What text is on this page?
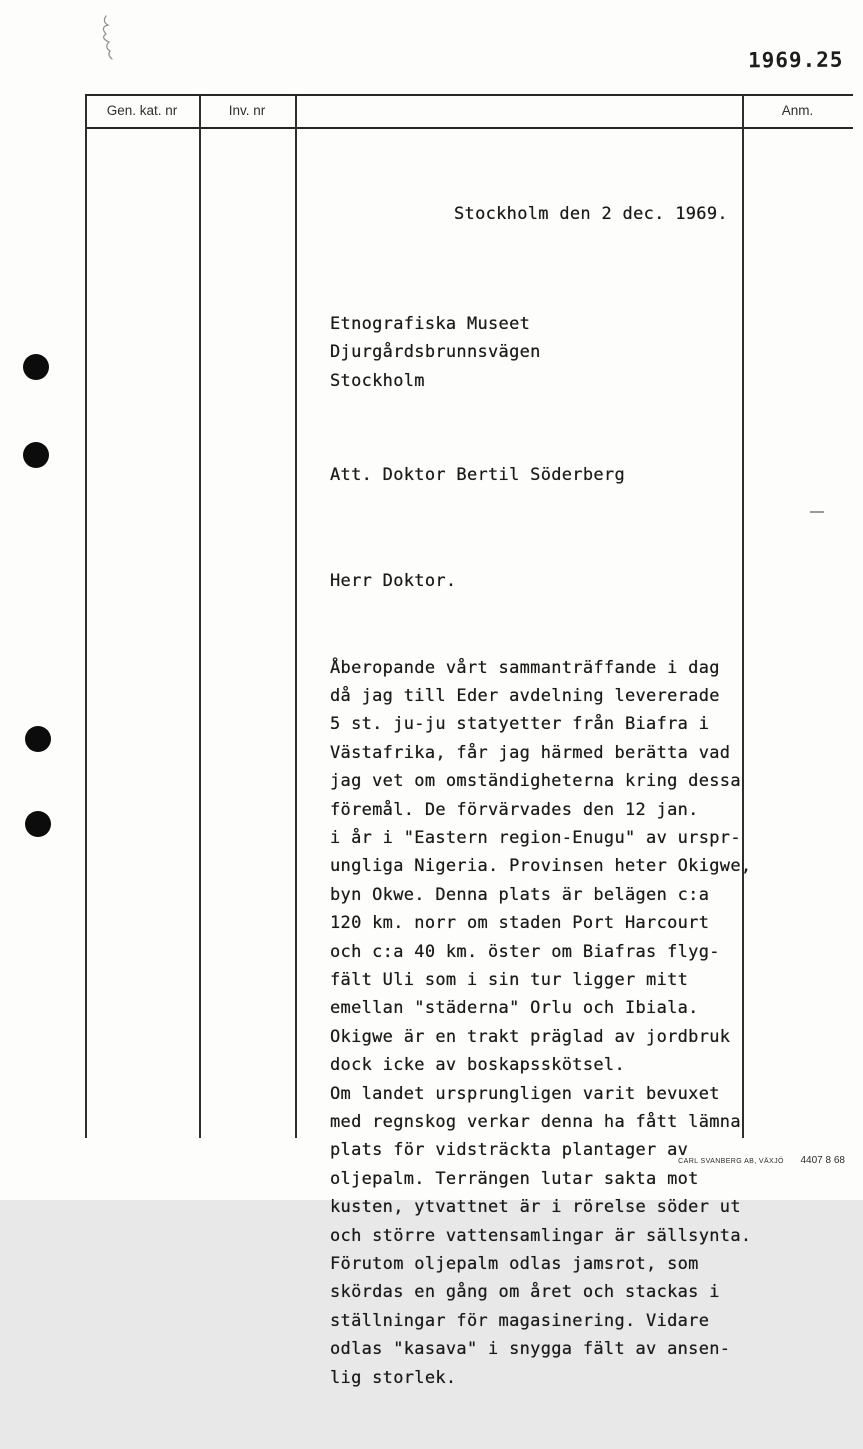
1969.25
Gen. kat. nr	Inv. nr	Anm.

Stockholm den 2 dec. 1969.

Etnografiska Museet
Djurgårdsbrunnsvägen
Stockholm

Att. Doktor Bertil Söderberg

Herr Doktor.

Åberopande vårt sammanträffande i dag
då jag till Eder avdelning levererade
5 st. ju-ju statyetter från Biafra i
Västafrika, får jag härmed berätta vad
jag vet om omständigheterna kring dessa
föremål. De förvärvades den 12 jan.
i år i "Eastern region-Enugu" av urspr-
ungliga Nigeria. Provinsen heter Okigwe,
byn Okwe. Denna plats är belägen c:a
120 km. norr om staden Port Harcourt
och c:a 40 km. öster om Biafras flyg-
fält Uli som i sin tur ligger mitt
emellan "städerna" Orlu och Ibiala.
Okigwe är en trakt präglad av jordbruk
dock icke av boskapsskötsel.
Om landet ursprungligen varit bevuxet
med regnskog verkar denna ha fått lämna
plats för vidsträckta plantager av
oljepalm. Terrängen lutar sakta mot
kusten, ytvattnet är i rörelse söder ut
och större vattensamlingar är sällsynta.
Förutom oljepalm odlas jamsrot, som
skördas en gång om året och stackas i
ställningar för magasinering. Vidare
odlas "kasava" i snygga fält av ansen-
lig storlek.

CARL SVANBERG AB, VÄXJÖ 4407 8 68
